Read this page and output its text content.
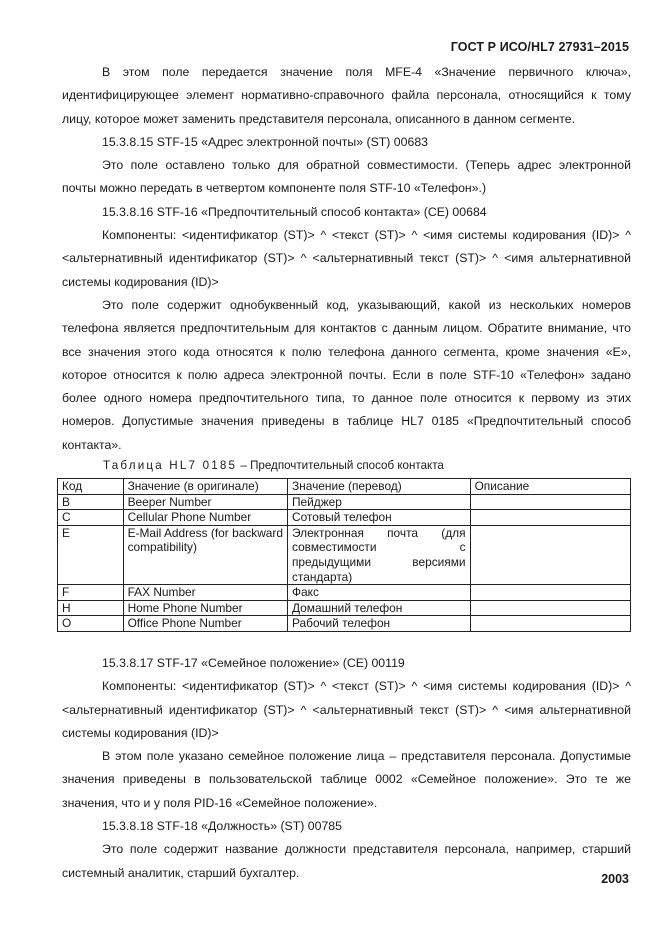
ГОСТ Р ИСО/HL7 27931–2015

В этом поле передается значение поля MFE-4 «Значение первичного ключа», идентифицирующее элемент нормативно-справочного файла персонала, относящийся к тому лицу, которое может заменить представителя персонала, описанного в данном сегменте.

15.3.8.15 STF-15 «Адрес электронной почты» (ST) 00683

Это поле оставлено только для обратной совместимости. (Теперь адрес электронной почты можно передать в четвертом компоненте поля STF-10 «Телефон».)

15.3.8.16 STF-16 «Предпочтительный способ контакта» (CE) 00684

Компоненты: <идентификатор (ST)> ^ <текст (ST)> ^ <имя системы кодирования (ID)> ^ <альтернативный идентификатор (ST)> ^ <альтернативный текст (ST)> ^ <имя альтернативной системы кодирования (ID)>

Это поле содержит однобуквенный код, указывающий, какой из нескольких номеров телефона является предпочтительным для контактов с данным лицом. Обратите внимание, что все значения этого кода относятся к полю телефона данного сегмента, кроме значения «Е», которое относится к полю адреса электронной почты. Если в поле STF-10 «Телефон» задано более одного номера предпочтительного типа, то данное поле относится к первому из этих номеров. Допустимые значения приведены в таблице HL7 0185 «Предпочтительный способ контакта».

Таблица HL7 0185 – Предпочтительный способ контакта
Код	Значение (в оригинале)	Значение (перевод)	Описание
B	Beeper Number	Пейджер	
C	Cellular Phone Number	Сотовый телефон	
E	E-Mail Address (for backward compatibility)	Электронная почта (для совместимости с предыдущими версиями стандарта)	
F	FAX Number	Факс	
H	Home Phone Number	Домашний телефон	
O	Office Phone Number	Рабочий телефон	

15.3.8.17 STF-17 «Семейное положение» (CE) 00119

Компоненты: <идентификатор (ST)> ^ <текст (ST)> ^ <имя системы кодирования (ID)> ^ <альтернативный идентификатор (ST)> ^ <альтернативный текст (ST)> ^ <имя альтернативной системы кодирования (ID)>

В этом поле указано семейное положение лица – представителя персонала. Допустимые значения приведены в пользовательской таблице 0002 «Семейное положение». Это те же значения, что и у поля PID-16 «Семейное положение».

15.3.8.18 STF-18 «Должность» (ST) 00785

Это поле содержит название должности представителя персонала, например, старший системный аналитик, старший бухгалтер.	2003
